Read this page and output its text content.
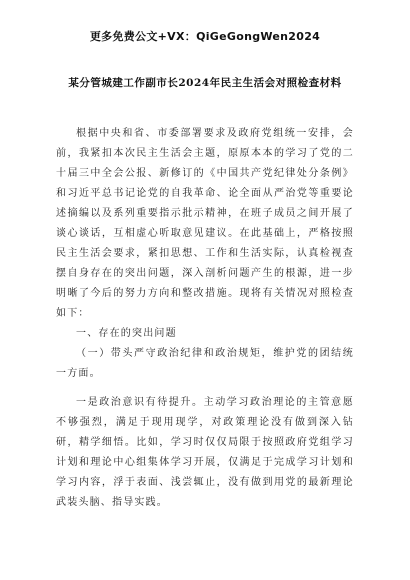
更多免费公文+VX：QiGeGongWen2024
某分管城建工作副市长2024年民主生活会对照检查材料

根据中央和省、市委部署要求及政府党组统一安排，会前，我紧扣本次民主生活会主题，原原本本的学习了党的二十届三中全会公报、新修订的《中国共产党纪律处分条例》和习近平总书记论党的自我革命、论全面从严治党等重要论述摘编以及系列重要指示批示精神，在班子成员之间开展了谈心谈话，互相虚心听取意见建议。在此基础上，严格按照民主生活会要求，紧扣思想、工作和生活实际，认真检视查摆自身存在的突出问题，深入剖析问题产生的根源，进一步明晰了今后的努力方向和整改措施。现将有关情况对照检查如下：

一、存在的突出问题

（一）带头严守政治纪律和政治规矩，维护党的团结统一方面。

一是政治意识有待提升。主动学习政治理论的主管意愿不够强烈，满足于现用现学，对政策理论没有做到深入钻研，精学细悟。比如，学习时仅仅局限于按照政府党组学习计划和理论中心组集体学习开展，仅满足于完成学习计划和学习内容，浮于表面、浅尝辄止，没有做到用党的最新理论武装头脑、指导实践。
